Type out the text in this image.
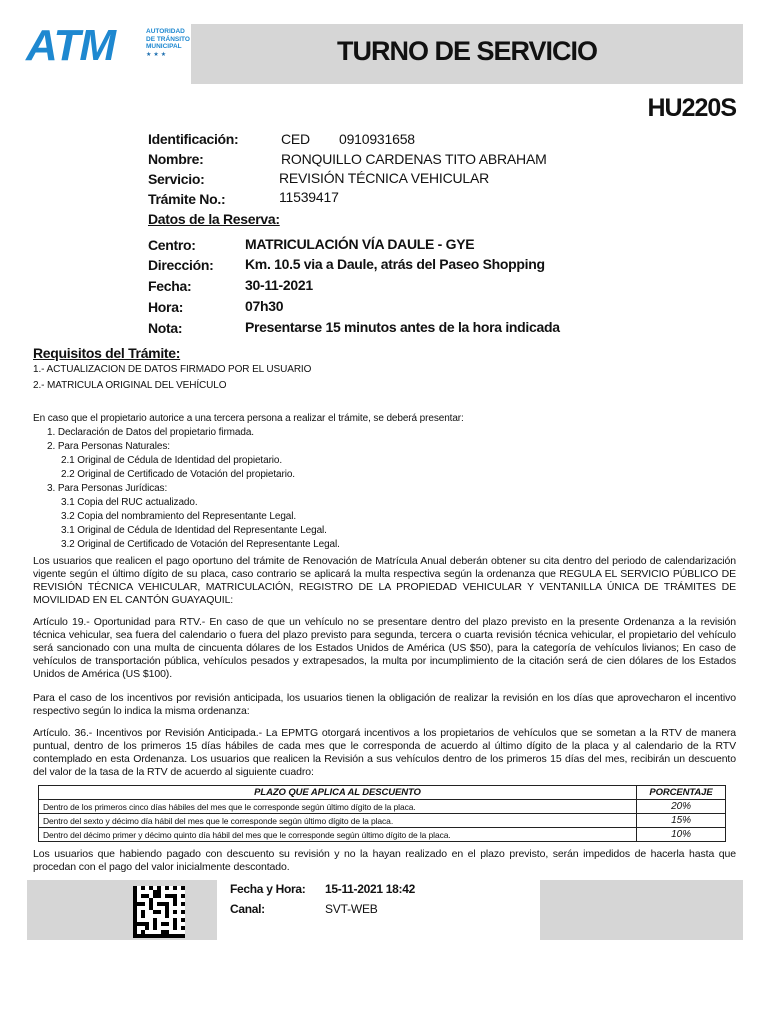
ATM	AUTORIDAD
DE TRÁNSITO
MUNICIPAL
★★★	TURNO DE SERVICIO
HU220S
Identificación:	CED 0910931658
Nombre:	RONQUILLO CARDENAS TITO ABRAHAM
Servicio:	REVISIÓN TÉCNICA VEHICULAR
Trámite No.:	11539417
Datos de la Reserva:
Centro:	MATRICULACIÓN VÍA DAULE - GYE
Dirección: Km. 10.5 via a Daule, atrás del Paseo Shopping
Fecha:	30-11-2021
Hora:	07h30
Nota:	Presentarse 15 minutos antes de la hora indicada
Requisitos del Trámite:
1.- ACTUALIZACION DE DATOS FIRMADO POR EL USUARIO
2.- MATRICULA ORIGINAL DEL VEHÍCULO
En caso que el propietario autorice a una tercera persona a realizar el trámite, se deberá presentar:
1. Declaración de Datos del propietario firmada.
2. Para Personas Naturales:
2.1 Original de Cédula de Identidad del propietario.
2.2 Original de Certificado de Votación del propietario.
3. Para Personas Jurídicas:
3.1 Copia del RUC actualizado.
3.2 Copia del nombramiento del Representante Legal.
3.1 Original de Cédula de Identidad del Representante Legal.
3.2 Original de Certificado de Votación del Representante Legal.
Los usuarios que realicen el pago oportuno del trámite de Renovación de Matrícula Anual deberán obtener su cita dentro del periodo de calendarización vigente según el último dígito de su placa, caso contrario se aplicará la multa respectiva según la ordenanza que REGULA EL SERVICIO PÚBLICO DE REVISIÓN TÉCNICA VEHICULAR, MATRICULACIÓN, REGISTRO DE LA PROPIEDAD VEHICULAR Y VENTANILLA ÚNICA DE TRÁMITES DE MOVILIDAD EN EL CANTÓN GUAYAQUIL:
Artículo 19.- Oportunidad para RTV.- En caso de que un vehículo no se presentare dentro del plazo previsto en la presente Ordenanza a la revisión técnica vehicular, sea fuera del calendario o fuera del plazo previsto para segunda, tercera o cuarta revisión técnica vehicular, el propietario del vehículo será sancionado con una multa de cincuenta dólares de los Estados Unidos de América (US $50), para la categoría de vehículos livianos; En caso de vehículos de transportación pública, vehículos pesados y extrapesados, la multa por incumplimiento de la citación será de cien dólares de los Estados Unidos de América (US $100).
Para el caso de los incentivos por revisión anticipada, los usuarios tienen la obligación de realizar la revisión en los días que aprovecharon el incentivo respectivo según lo indica la misma ordenanza:
Artículo. 36.- Incentivos por Revisión Anticipada.- La EPMTG otorgará incentivos a los propietarios de vehículos que se sometan a la RTV de manera puntual, dentro de los primeros 15 días hábiles de cada mes que le corresponda de acuerdo al último dígito de la placa y al calendario de la RTV contemplado en esta Ordenanza. Los usuarios que realicen la Revisión a sus vehículos dentro de los primeros 15 días del mes, recibirán un descuento del valor de la tasa de la RTV de acuerdo al siguiente cuadro:
PLAZO QUE APLICA AL DESCUENTO	PORCENTAJE
Dentro de los primeros cinco días hábiles del mes que le corresponde según último dígito de la placa.	20%
Dentro del sexto y décimo día hábil del mes que le corresponde según último dígito de la placa.	15%
Dentro del décimo primer y décimo quinto día hábil del mes que le corresponde según último dígito de la placa.	10%
Los usuarios que habiendo pagado con descuento su revisión y no la hayan realizado en el plazo previsto, serán impedidos de hacerla hasta que procedan con el pago del valor inicialmente descontado.
Fecha y Hora: 15-11-2021 18:42
Canal:	SVT-WEB
